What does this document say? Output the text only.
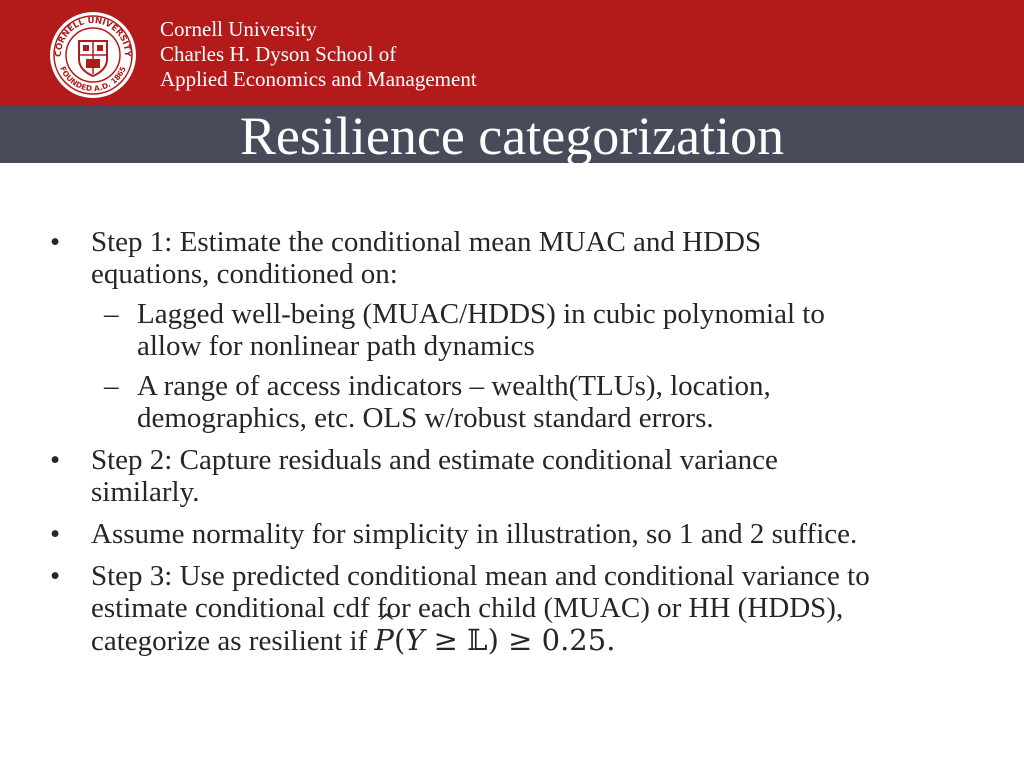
CORNELL UNIVERSITY
FOUNDED A.D. 1865
Cornell University
Charles H. Dyson School of
Applied Economics and Management
Resilience categorization
• Step 1: Estimate the conditional mean MUAC and HDDS
equations, conditioned on:
– Lagged well-being (MUAC/HDDS) in cubic polynomial to
allow for nonlinear path dynamics
– A range of access indicators – wealth(TLUs), location,
demographics, etc. OLS w/robust standard errors.
• Step 2: Capture residuals and estimate conditional variance
similarly.
• Assume normality for simplicity in illustration, so 1 and 2 suffice.
• Step 3: Use predicted conditional mean and conditional variance to
estimate conditional cdf for each child (MUAC) or HH (HDDS),
categorize as resilient if ^ P(Y ≥ 𝕃) ≥ 0.25.
